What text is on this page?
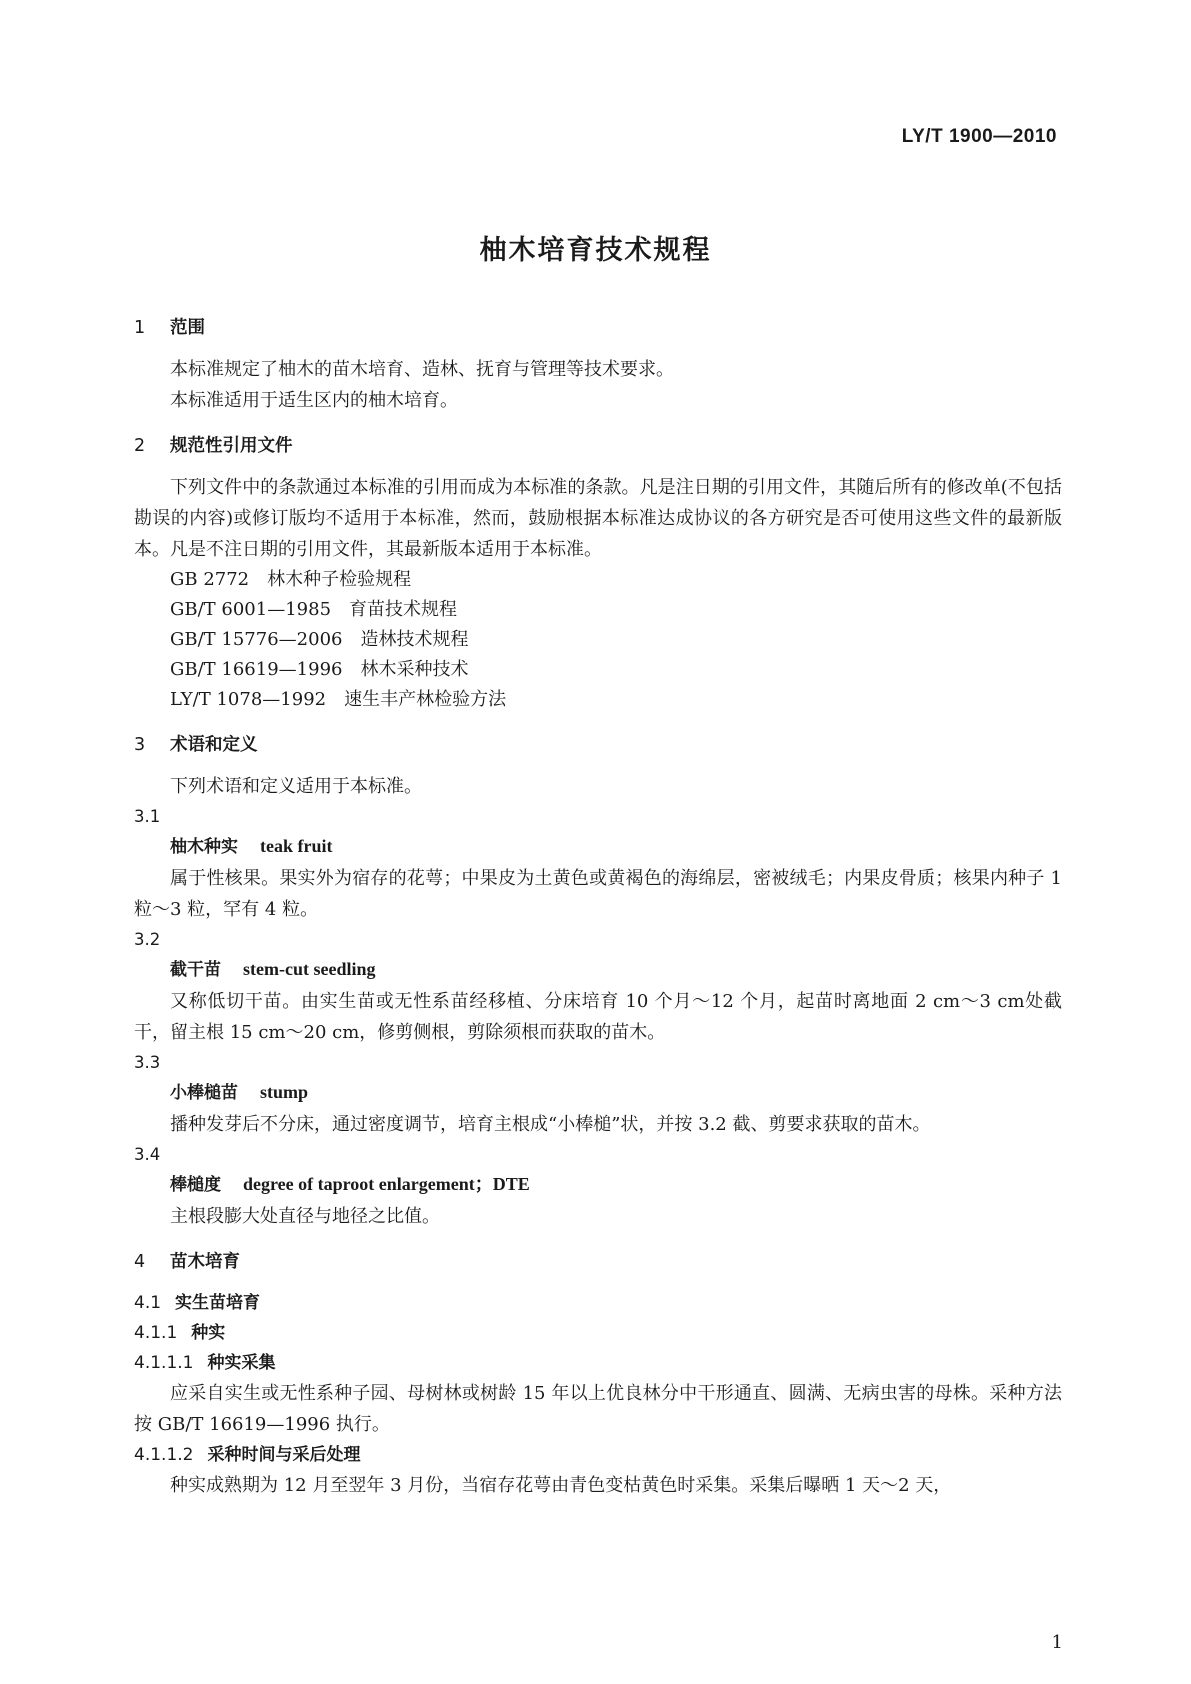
LY/T 1900—2010
柚木培育技术规程
1 范围
本标准规定了柚木的苗木培育、造林、抚育与管理等技术要求。
本标准适用于适生区内的柚木培育。
2 规范性引用文件
下列文件中的条款通过本标准的引用而成为本标准的条款。凡是注日期的引用文件，其随后所有的修改单(不包括勘误的内容)或修订版均不适用于本标准，然而，鼓励根据本标准达成协议的各方研究是否可使用这些文件的最新版本。凡是不注日期的引用文件，其最新版本适用于本标准。
GB 2772 林木种子检验规程
GB/T 6001—1985 育苗技术规程
GB/T 15776—2006 造林技术规程
GB/T 16619—1996 林木采种技术
LY/T 1078—1992 速生丰产林检验方法
3 术语和定义
下列术语和定义适用于本标准。
3.1
柚木种实 teak fruit
属于性核果。果实外为宿存的花萼；中果皮为土黄色或黄褐色的海绵层，密被绒毛；内果皮骨质；核果内种子 1 粒～3 粒，罕有 4 粒。
3.2
截干苗 stem-cut seedling
又称低切干苗。由实生苗或无性系苗经移植、分床培育 10 个月～12 个月，起苗时离地面 2 cm～3 cm处截干，留主根 15 cm～20 cm，修剪侧根，剪除须根而获取的苗木。
3.3
小棒槌苗 stump
播种发芽后不分床，通过密度调节，培育主根成“小棒槌”状，并按 3.2 截、剪要求获取的苗木。
3.4
棒槌度 degree of taproot enlargement；DTE
主根段膨大处直径与地径之比值。
4 苗木培育
4.1 实生苗培育
4.1.1 种实
4.1.1.1 种实采集
应采自实生或无性系种子园、母树林或树龄 15 年以上优良林分中干形通直、圆满、无病虫害的母株。采种方法按 GB/T 16619—1996 执行。
4.1.1.2 采种时间与采后处理
种实成熟期为 12 月至翌年 3 月份，当宿存花萼由青色变枯黄色时采集。采集后曝晒 1 天～2 天，
1
